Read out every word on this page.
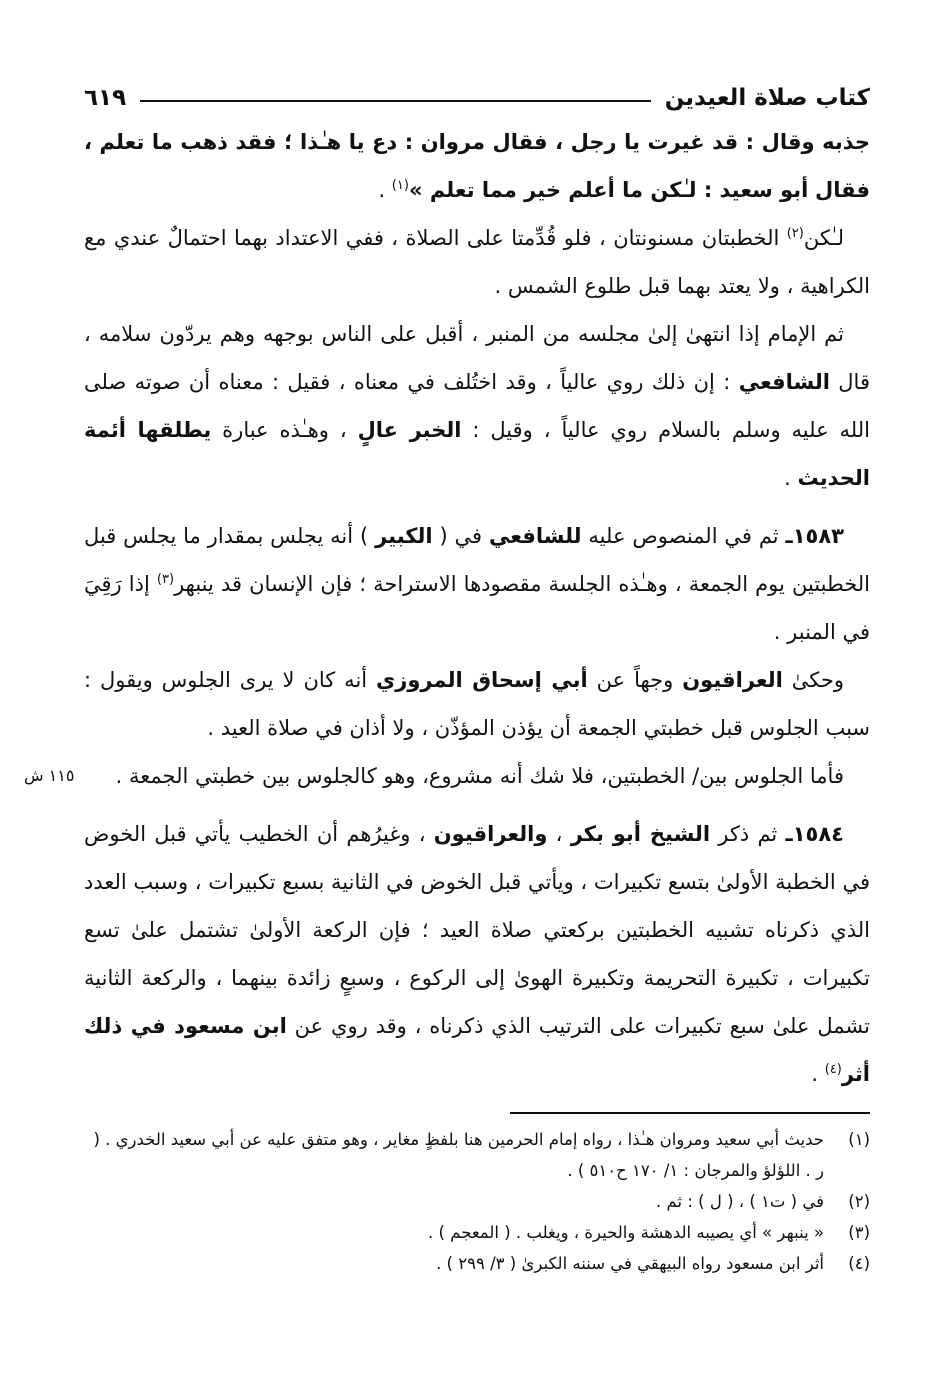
كتاب صلاة العيدين
٦١٩

جذبه وقال : قد غيرت يا رجل ، فقال مروان : دع يا هـٰذا ؛ فقد ذهب ما تعلم ، فقال أبو سعيد : لـٰكن ما أعلم خير مما تعلم »$^{(١)}$ .

لـٰكن$^{(٢)}$ الخطبتان مسنونتان ، فلو قُدِّمتا على الصلاة ، ففي الاعتداد بهما احتمالٌ عندي مع الكراهية ، ولا يعتد بهما قبل طلوع الشمس .

ثم الإمام إذا انتهىٰ إلىٰ مجلسه من المنبر ، أقبل على الناس بوجهه وهم يردّون سلامه ، قال الشافعي : إن ذلك روي عالياً ، وقد اختُلف في معناه ، فقيل : معناه أن صوته صلى الله عليه وسلم بالسلام روي عالياً ، وقيل : الخبر عالٍ ، وهـٰذه عبارة يطلقها أئمة الحديث .

١٥٨٣ـ ثم في المنصوص عليه للشافعي في ( الكبير ) أنه يجلس بمقدار ما يجلس قبل الخطبتين يوم الجمعة ، وهـٰذه الجلسة مقصودها الاستراحة ؛ فإن الإنسان قد ينبهر$^{(٣)}$ إذا رَقِيَ في المنبر .

وحكىٰ العراقيون وجهاً عن أبي إسحاق المروزي أنه كان لا يرى الجلوس ويقول : سبب الجلوس قبل خطبتي الجمعة أن يؤذن المؤذّن ، ولا أذان في صلاة العيد .

١١٥ ش	فأما الجلوس بين/ الخطبتين، فلا شك أنه مشروع، وهو كالجلوس بين خطبتي الجمعة .

١٥٨٤ـ ثم ذكر الشيخ أبو بكر ، والعراقيون ، وغيرُهم أن الخطيب يأتي قبل الخوض في الخطبة الأولىٰ بتسع تكبيرات ، ويأتي قبل الخوض في الثانية بسبع تكبيرات ، وسبب العدد الذي ذكرناه تشبيه الخطبتين بركعتي صلاة العيد ؛ فإن الركعة الأولىٰ تشتمل علىٰ تسع تكبيرات ، تكبيرة التحريمة وتكبيرة الهوىٰ إلى الركوع ، وسبعٍ زائدة بينهما ، والركعة الثانية تشمل علىٰ سبع تكبيرات على الترتيب الذي ذكرناه ، وقد روي عن ابن مسعود في ذلك أثر$^{(٤)}$ .

(١)
حديث أبي سعيد ومروان هـٰذا ، رواه إمام الحرمين هنا بلفظٍ مغاير ، وهو متفق عليه عن أبي سعيد الخدري . ( ر . اللؤلؤ والمرجان : ١/ ١٧٠ ح٥١٠ ) .
(٢)
في ( ت١ ) ، ( ل ) : ثم .
(٣)
« ينبهر » أي يصيبه الدهشة والحيرة ، ويغلب . ( المعجم ) .
(٤)
أثر ابن مسعود رواه البيهقي في سننه الكبرىٰ ( ٣/ ٢٩٩ ) .
